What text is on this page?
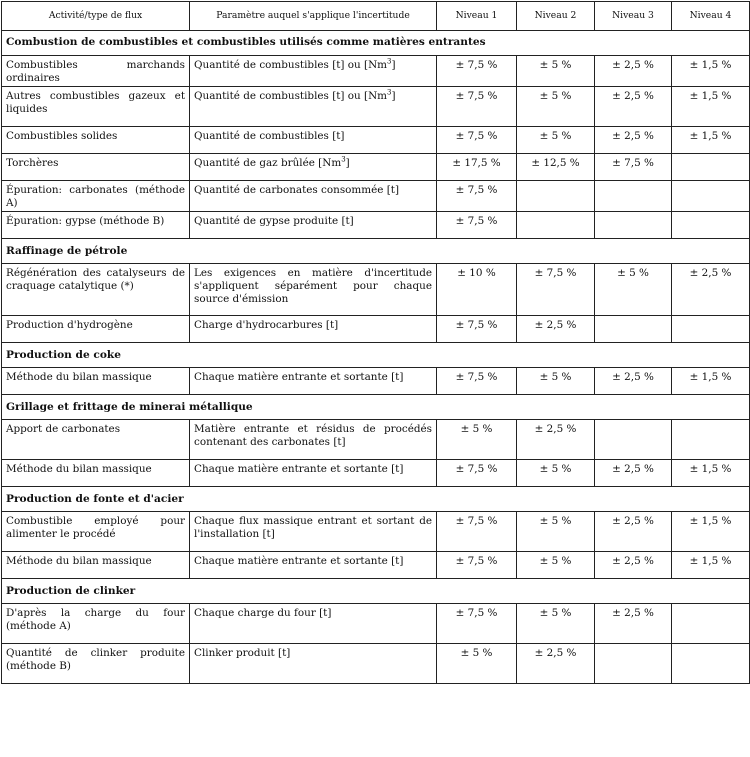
Activité/type de flux	Paramètre auquel s'applique l'incertitude	Niveau 1	Niveau 2	Niveau 3	Niveau 4
Combustion de combustibles et combustibles utilisés comme matières entrantes					
Combustibles marchands ordinaires	Quantité de combustibles [t] ou $[Nm^3]$	± 7,5 %	± 5 %	± 2,5 %	± 1,5 %
Autres combustibles gazeux et liquides	Quantité de combustibles [t] ou $[Nm^3]$	± 7,5 %	± 5 %	± 2,5 %	± 1,5 %
Combustibles solides	Quantité de combustibles [t]	± 7,5 %	± 5 %	± 2,5 %	± 1,5 %
Torchères	Quantité de gaz brûlée $[Nm^3]$	± 17,5 %	± 12,5 %	± 7,5 %	
Épuration: carbonates (méthode A)	Quantité de carbonates consommée [t]	± 7,5 %			
Épuration: gypse (méthode B)	Quantité de gypse produite [t]	± 7,5 %			
Raffinage de pétrole					
Régénération des catalyseurs de craquage catalytique (*)	Les exigences en matière d'incertitude s'appliquent séparément pour chaque source d'émission	± 10 %	± 7,5 %	± 5 %	± 2,5 %
Production d'hydrogène	Charge d'hydrocarbures [t]	± 7,5 %	± 2,5 %		
Production de coke					
Méthode du bilan massique	Chaque matière entrante et sortante [t]	± 7,5 %	± 5 %	± 2,5 %	± 1,5 %
Grillage et frittage de minerai métallique					
Apport de carbonates	Matière entrante et résidus de procédés contenant des carbonates [t]	± 5 %	± 2,5 %		
Méthode du bilan massique	Chaque matière entrante et sortante [t]	± 7,5 %	± 5 %	± 2,5 %	± 1,5 %
Production de fonte et d'acier					
Combustible employé pour alimenter le procédé	Chaque flux massique entrant et sortant de l'installation [t]	± 7,5 %	± 5 %	± 2,5 %	± 1,5 %
Méthode du bilan massique	Chaque matière entrante et sortante [t]	± 7,5 %	± 5 %	± 2,5 %	± 1,5 %
Production de clinker					
D'après la charge du four (méthode A)	Chaque charge du four [t]	± 7,5 %	± 5 %	± 2,5 %	
Quantité de clinker produite (méthode B)	Clinker produit [t]	± 5 %	± 2,5 %		
